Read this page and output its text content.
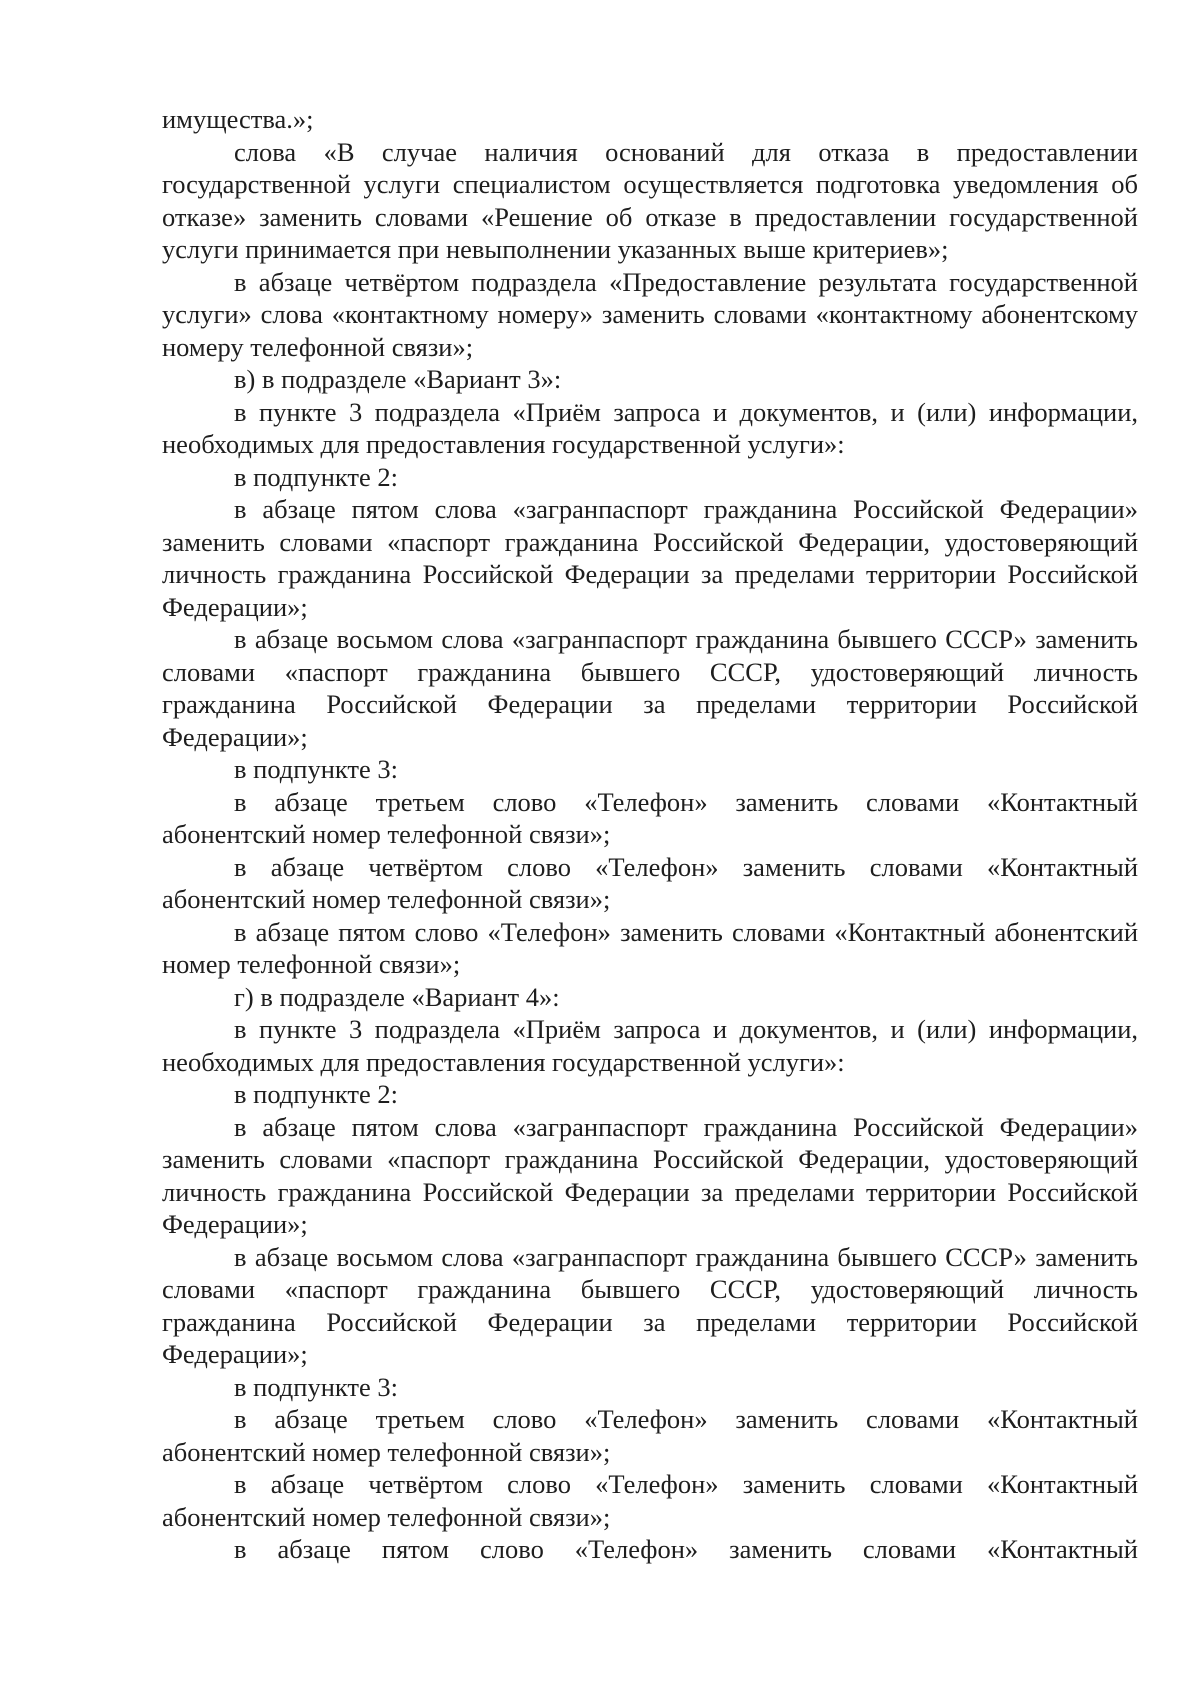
имущества.»;

слова «В случае наличия оснований для отказа в предоставлении государственной услуги специалистом осуществляется подготовка уведомления об отказе» заменить словами «Решение об отказе в предоставлении государственной услуги принимается при невыполнении указанных выше критериев»;

в абзаце четвёртом подраздела «Предоставление результата государственной услуги» слова «контактному номеру» заменить словами «контактному абонентскому номеру телефонной связи»;

в) в подразделе «Вариант 3»:

в пункте 3 подраздела «Приём запроса и документов, и (или) информации, необходимых для предоставления государственной услуги»:

в подпункте 2:

в абзаце пятом слова «загранпаспорт гражданина Российской Федерации» заменить словами «паспорт гражданина Российской Федерации, удостоверяющий личность гражданина Российской Федерации за пределами территории Российской Федерации»;

в абзаце восьмом слова «загранпаспорт гражданина бывшего СССР» заменить словами «паспорт гражданина бывшего СССР, удостоверяющий личность гражданина Российской Федерации за пределами территории Российской Федерации»;

в подпункте 3:

в абзаце третьем слово «Телефон» заменить словами «Контактный абонентский номер телефонной связи»;

в абзаце четвёртом слово «Телефон» заменить словами «Контактный абонентский номер телефонной связи»;

в абзаце пятом слово «Телефон» заменить словами «Контактный абонентский номер телефонной связи»;

г) в подразделе «Вариант 4»:

в пункте 3 подраздела «Приём запроса и документов, и (или) информации, необходимых для предоставления государственной услуги»:

в подпункте 2:

в абзаце пятом слова «загранпаспорт гражданина Российской Федерации» заменить словами «паспорт гражданина Российской Федерации, удостоверяющий личность гражданина Российской Федерации за пределами территории Российской Федерации»;

в абзаце восьмом слова «загранпаспорт гражданина бывшего СССР» заменить словами «паспорт гражданина бывшего СССР, удостоверяющий личность гражданина Российской Федерации за пределами территории Российской Федерации»;

в подпункте 3:

в абзаце третьем слово «Телефон» заменить словами «Контактный абонентский номер телефонной связи»;

в абзаце четвёртом слово «Телефон» заменить словами «Контактный абонентский номер телефонной связи»;

в абзаце пятом слово «Телефон» заменить словами «Контактный
